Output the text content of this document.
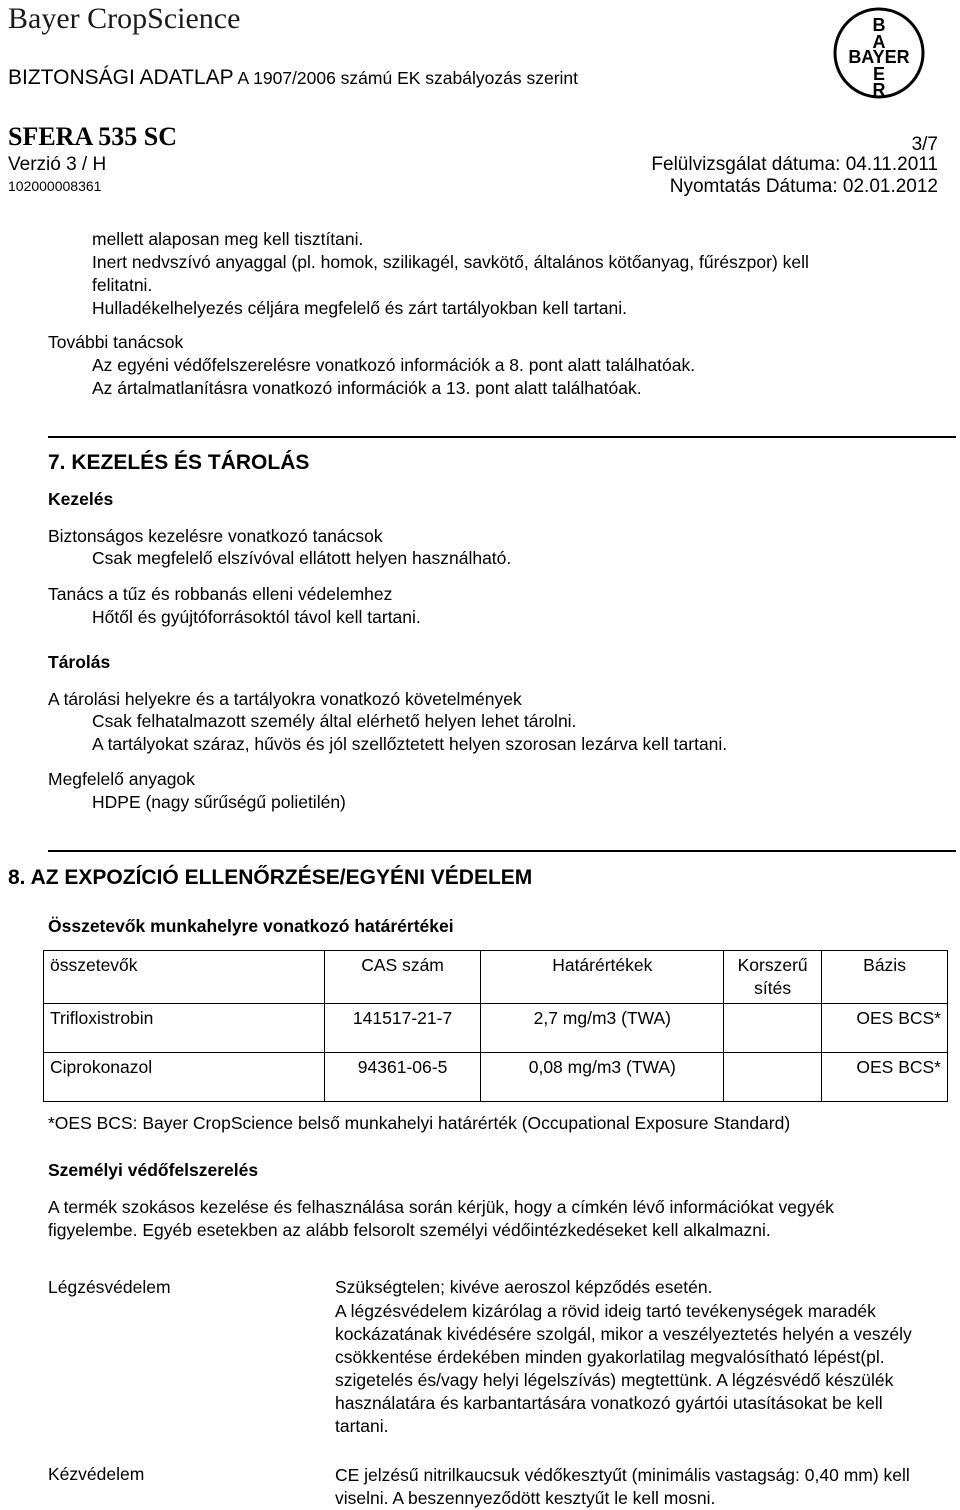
Bayer CropScience
BIZTONSÁGI ADATLAP A 1907/2006 számú EK szabályozás szerint
B
A
BAYER
E
R
SFERA 535 SC	3/7
Verzió 3 / H	Felülvizsgálat dátuma: 04.11.2011
102000008361	Nyomtatás Dátuma: 02.01.2012
mellett alaposan meg kell tisztítani.
Inert nedvszívó anyaggal (pl. homok, szilikagél, savkötő, általános kötőanyag, fűrészpor) kell
felitatni.
Hulladékelhelyezés céljára megfelelő és zárt tartályokban kell tartani.
További tanácsok
Az egyéni védőfelszerelésre vonatkozó információk a 8. pont alatt találhatóak.
Az ártalmatlanításra vonatkozó információk a 13. pont alatt találhatóak.
7. KEZELÉS ÉS TÁROLÁS
Kezelés
Biztonságos kezelésre vonatkozó tanácsok
Csak megfelelő elszívóval ellátott helyen használható.
Tanács a tűz és robbanás elleni védelemhez
Hőtől és gyújtóforrásoktól távol kell tartani.
Tárolás
A tárolási helyekre és a tartályokra vonatkozó követelmények
Csak felhatalmazott személy által elérhető helyen lehet tárolni.
A tartályokat száraz, hűvös és jól szellőztetett helyen szorosan lezárva kell tartani.
Megfelelő anyagok
HDPE (nagy sűrűségű polietilén)
8. AZ EXPOZÍCIÓ ELLENŐRZÉSE/EGYÉNI VÉDELEM
Összetevők munkahelyre vonatkozó határértékei
összetevők	CAS szám	Határértékek	Korszerű sítés	Bázis
Trifloxistrobin	141517-21-7	2,7 mg/m3 (TWA)		OES BCS*
Ciprokonazol	94361-06-5	0,08 mg/m3 (TWA)		OES BCS*
*OES BCS: Bayer CropScience belső munkahelyi határérték (Occupational Exposure Standard)
Személyi védőfelszerelés
A termék szokásos kezelése és felhasználása során kérjük, hogy a címkén lévő információkat vegyék figyelembe. Egyéb esetekben az alább felsorolt személyi védőintézkedéseket kell alkalmazni.
Légzésvédelem	Szükségtelen; kivéve aeroszol képződés esetén.
A légzésvédelem kizárólag a rövid ideig tartó tevékenységek maradék kockázatának kivédésére szolgál, mikor a veszélyeztetés helyén a veszély csökkentése érdekében minden gyakorlatilag megvalósítható lépést(pl. szigetelés és/vagy helyi légelszívás) megtettünk. A légzésvédő készülék használatára és karbantartására vonatkozó gyártói utasításokat be kell tartani.
Kézvédelem	CE jelzésű nitrilkaucsuk védőkesztyűt (minimális vastagság: 0,40 mm) kell viselni. A beszennyeződött kesztyűt le kell mosni.
